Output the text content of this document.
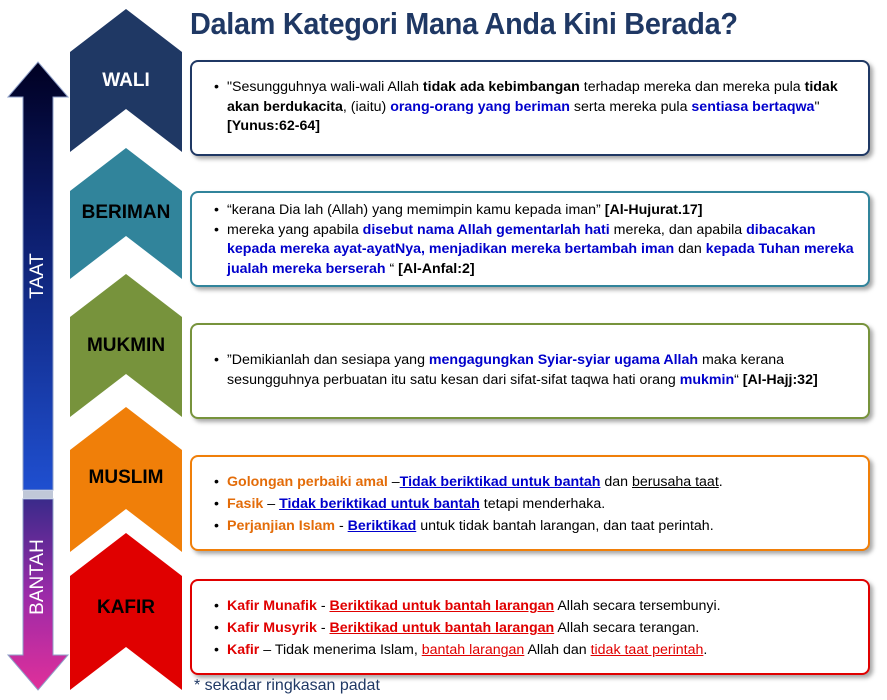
Dalam Kategori Mana Anda Kini Berada?
TAAT
BANTAH
WALI
BERIMAN
MUKMIN
MUSLIM
KAFIR

• "Sesungguhnya wali-wali Allah tidak ada kebimbangan terhadap mereka dan mereka pula tidak akan berdukacita, (iaitu) orang-orang yang beriman serta mereka pula sentiasa bertaqwa" [Yunus:62-64]

• “kerana Dia lah (Allah) yang memimpin kamu kepada iman” [Al-Hujurat.17]

• mereka yang apabila disebut nama Allah gementarlah hati mereka, dan apabila dibacakan kepada mereka ayat-ayatNya, menjadikan mereka bertambah iman dan kepada Tuhan mereka jualah mereka berserah “ [Al-Anfal:2]

• ”Demikianlah dan sesiapa yang mengagungkan Syiar-syiar ugama Allah maka kerana sesungguhnya perbuatan itu satu kesan dari sifat-sifat taqwa hati orang mukmin“ [Al-Hajj:32]

• Golongan perbaiki amal –Tidak beriktikad untuk bantah dan berusaha taat.

• Fasik – Tidak beriktikad untuk bantah tetapi menderhaka.

• Perjanjian Islam - Beriktikad untuk tidak bantah larangan, dan taat perintah.

• Kafir Munafik - Beriktikad untuk bantah larangan Allah secara tersembunyi.

• Kafir Musyrik - Beriktikad untuk bantah larangan Allah secara terangan.

• Kafir – Tidak menerima Islam, bantah larangan Allah dan tidak taat perintah.

* sekadar ringkasan padat
